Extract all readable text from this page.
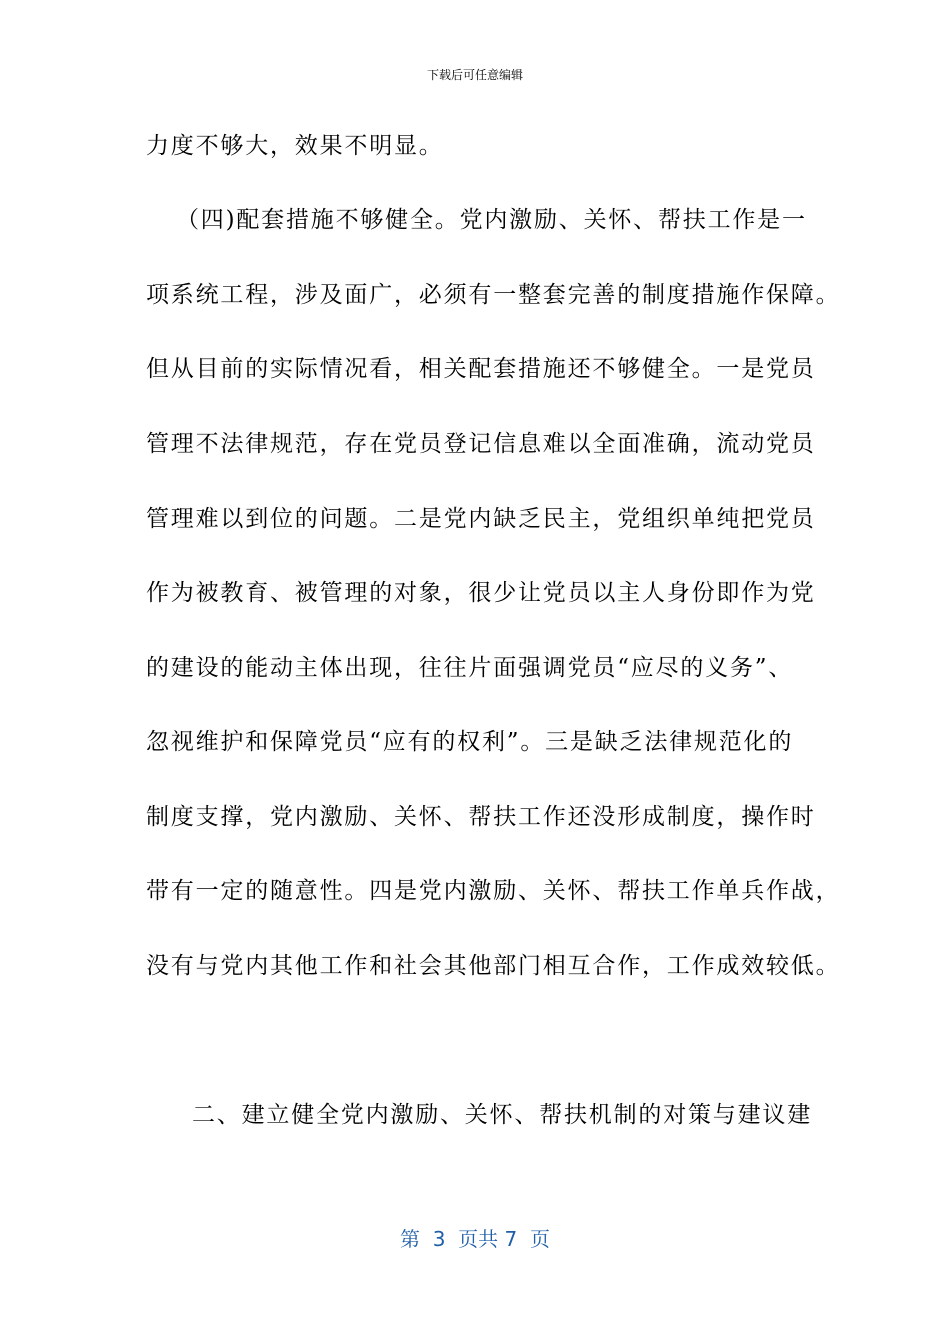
下载后可任意编辑
力度不够大，效果不明显。
（四)配套措施不够健全。党内激励、关怀、帮扶工作是一
项系统工程，涉及面广，必须有一整套完善的制度措施作保障。
但从目前的实际情况看，相关配套措施还不够健全。一是党员
管理不法律规范，存在党员登记信息难以全面准确，流动党员
管理难以到位的问题。二是党内缺乏民主，党组织单纯把党员
作为被教育、被管理的对象，很少让党员以主人身份即作为党
的建设的能动主体出现，往往片面强调党员“应尽的义务”、
忽视维护和保障党员“应有的权利”。三是缺乏法律规范化的
制度支撑，党内激励、关怀、帮扶工作还没形成制度，操作时
带有一定的随意性。四是党内激励、关怀、帮扶工作单兵作战，
没有与党内其他工作和社会其他部门相互合作，工作成效较低。
二、建立健全党内激励、关怀、帮扶机制的对策与建议建
第  3  页共 7  页
